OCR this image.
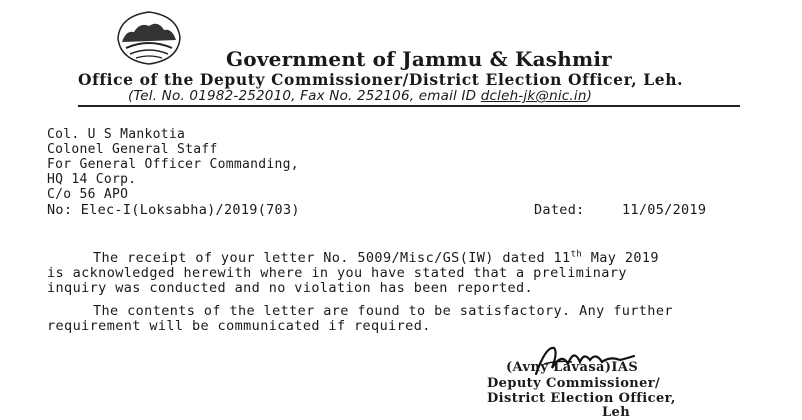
Government of Jammu & Kashmir
Office of the Deputy Commissioner/District Election Officer, Leh.
(Tel. No. 01982-252010, Fax No. 252106, email ID dcleh-jk@nic.in)
Col. U S Mankotia
Colonel General Staff
For General Officer Commanding,
HQ 14 Corp.
C/o 56 APO
No: Elec-I(Loksabha)/2019(703)	Dated:	11/05/2019
The receipt of your letter No. 5009/Misc/GS(IW) dated 11th May 2019
is acknowledged herewith where in you have stated that a preliminary
inquiry was conducted and no violation has been reported.
The contents of the letter are found to be satisfactory. Any further
requirement will be communicated if required.
(Avny Lavasa)IAS
Deputy Commissioner/
District Election Officer,
Leh
